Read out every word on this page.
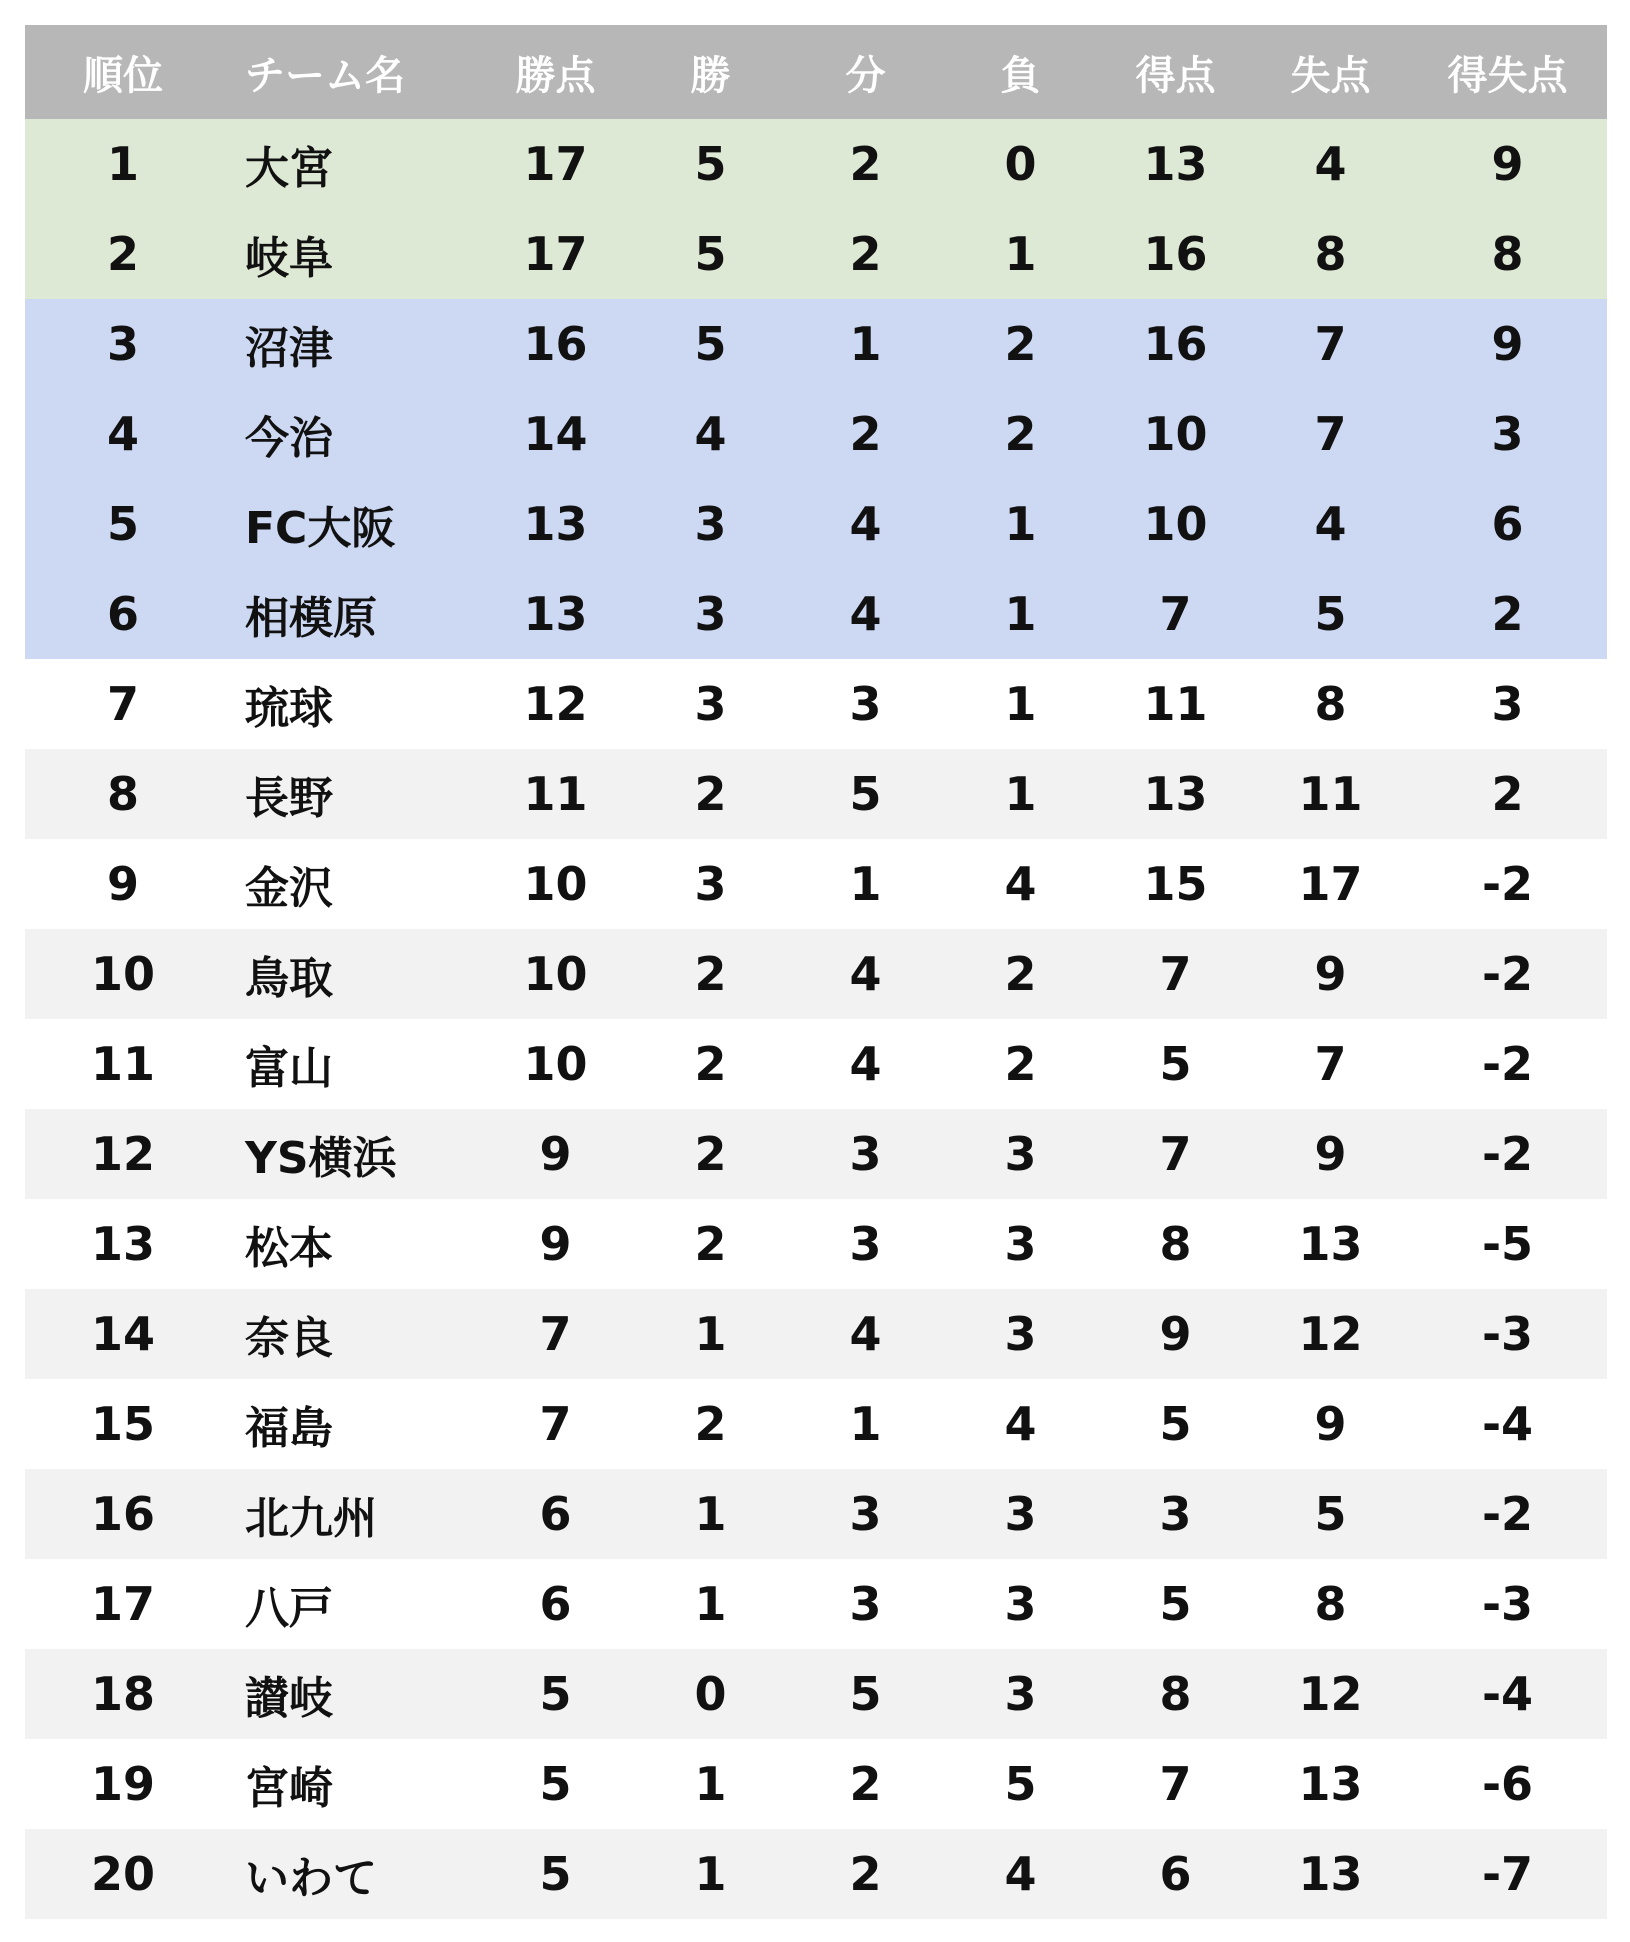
順位	チーム名	勝点	勝	分	負	得点	失点	得失点
1	大宮	17	5	2	0	13	4	9
2	岐阜	17	5	2	1	16	8	8
3	沼津	16	5	1	2	16	7	9
4	今治	14	4	2	2	10	7	3
5	FC大阪	13	3	4	1	10	4	6
6	相模原	13	3	4	1	7	5	2
7	琉球	12	3	3	1	11	8	3
8	長野	11	2	5	1	13	11	2
9	金沢	10	3	1	4	15	17	-2
10	鳥取	10	2	4	2	7	9	-2
11	富山	10	2	4	2	5	7	-2
12	YS横浜	9	2	3	3	7	9	-2
13	松本	9	2	3	3	8	13	-5
14	奈良	7	1	4	3	9	12	-3
15	福島	7	2	1	4	5	9	-4
16	北九州	6	1	3	3	3	5	-2
17	八戸	6	1	3	3	5	8	-3
18	讃岐	5	0	5	3	8	12	-4
19	宮崎	5	1	2	5	7	13	-6
20	いわて	5	1	2	4	6	13	-7
